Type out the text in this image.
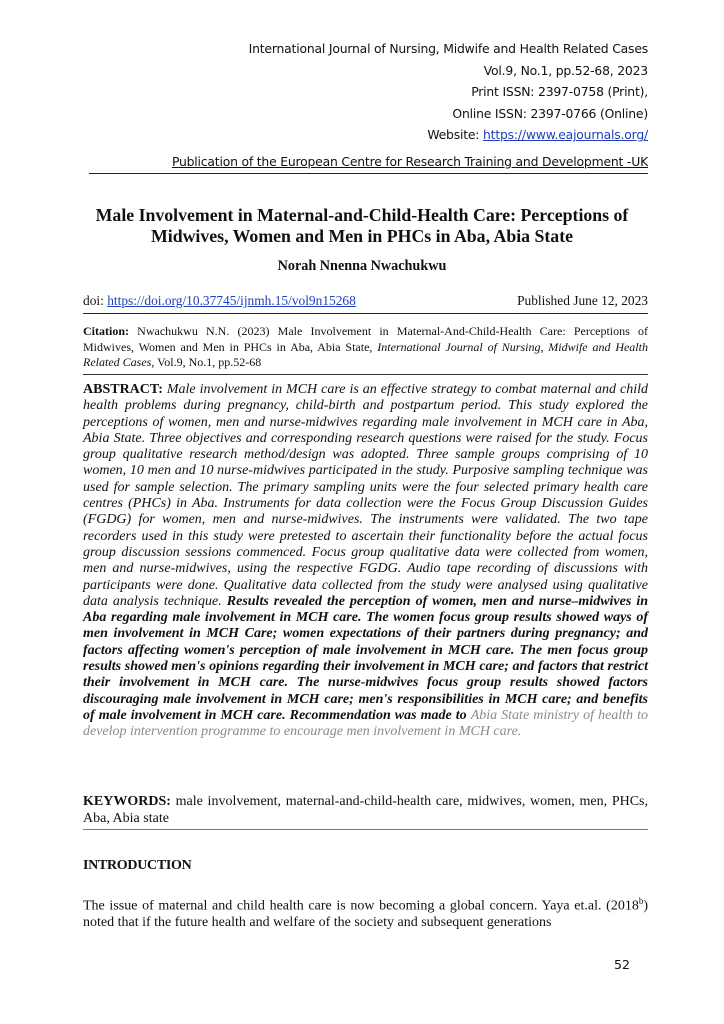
International Journal of Nursing, Midwife and Health Related Cases
Vol.9, No.1, pp.52-68, 2023
Print ISSN: 2397-0758 (Print),
Online ISSN: 2397-0766 (Online)
Website: https://www.eajournals.org/
Publication of the European Centre for Research Training and Development -UK
Male Involvement in Maternal-and-Child-Health Care: Perceptions of Midwives, Women and Men in PHCs in Aba, Abia State
Norah Nnenna Nwachukwu
doi: https://doi.org/10.37745/ijnmh.15/vol9n15268	Published June 12, 2023
Citation: Nwachukwu N.N. (2023) Male Involvement in Maternal-And-Child-Health Care: Perceptions of Midwives, Women and Men in PHCs in Aba, Abia State, International Journal of Nursing, Midwife and Health Related Cases, Vol.9, No.1, pp.52-68
ABSTRACT: Male involvement in MCH care is an effective strategy to combat maternal and child health problems during pregnancy, child-birth and postpartum period. This study explored the perceptions of women, men and nurse-midwives regarding male involvement in MCH care in Aba, Abia State. Three objectives and corresponding research questions were raised for the study. Focus group qualitative research method/design was adopted. Three sample groups comprising of 10 women, 10 men and 10 nurse-midwives participated in the study. Purposive sampling technique was used for sample selection. The primary sampling units were the four selected primary health care centres (PHCs) in Aba. Instruments for data collection were the Focus Group Discussion Guides (FGDG) for women, men and nurse-midwives. The instruments were validated. The two tape recorders used in this study were pretested to ascertain their functionality before the actual focus group discussion sessions commenced. Focus group qualitative data were collected from women, men and nurse-midwives, using the respective FGDG. Audio tape recording of discussions with participants were done. Qualitative data collected from the study were analysed using qualitative data analysis technique. Results revealed the perception of women, men and nurse–midwives in Aba regarding male involvement in MCH care. The women focus group results showed ways of men involvement in MCH Care; women expectations of their partners during pregnancy; and factors affecting women's perception of male involvement in MCH care. The men focus group results showed men's opinions regarding their involvement in MCH care; and factors that restrict their involvement in MCH care. The nurse-midwives focus group results showed factors discouraging male involvement in MCH care; men's responsibilities in MCH care; and benefits of male involvement in MCH care. Recommendation was made to Abia State ministry of health to develop intervention programme to encourage men involvement in MCH care.
KEYWORDS: male involvement, maternal-and-child-health care, midwives, women, men, PHCs, Aba, Abia state
INTRODUCTION
The issue of maternal and child health care is now becoming a global concern. Yaya et.al. (2018$^b$) noted that if the future health and welfare of the society and subsequent generations
52
